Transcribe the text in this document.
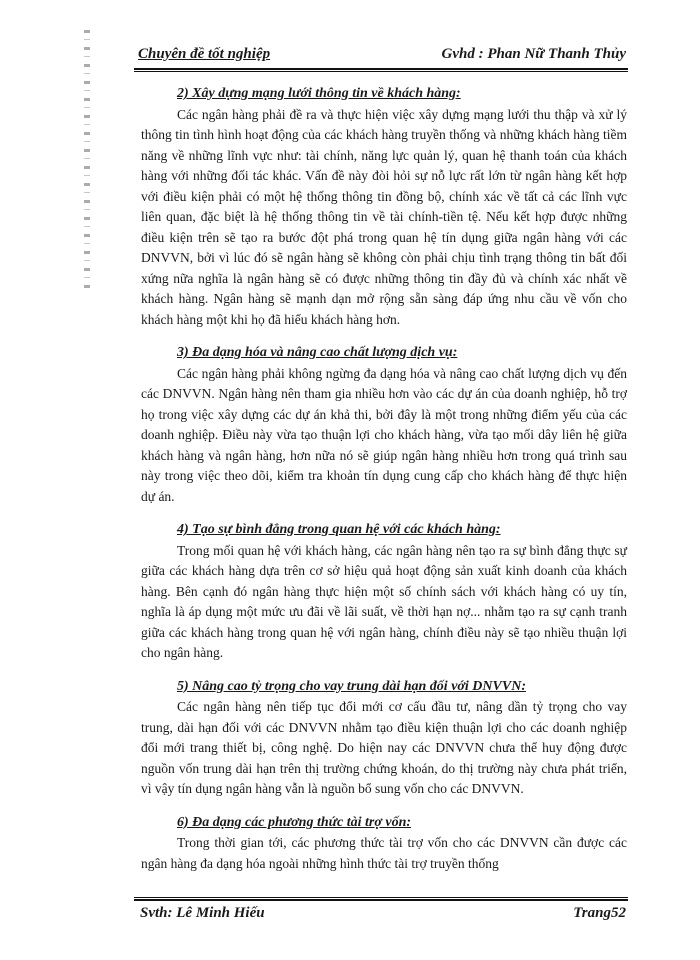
Chuyên đề tốt nghiệp	Gvhd : Phan Nữ Thanh Thủy
2) Xây dựng mạng lưới thông tin về khách hàng:

Các ngân hàng phải đề ra và thực hiện việc xây dựng mạng lưới thu thập và xử lý thông tin tình hình hoạt động của các khách hàng truyền thống và những khách hàng tiềm năng về những lĩnh vực như: tài chính, năng lực quản lý, quan hệ thanh toán của khách hàng với những đối tác khác. Vấn đề này đòi hỏi sự nỗ lực rất lớn từ ngân hàng kết hợp với điều kiện phải có một hệ thống thông tin đồng bộ, chính xác về tất cả các lĩnh vực liên quan, đặc biệt là hệ thống thông tin về tài chính-tiền tệ. Nếu kết hợp được những điều kiện trên sẽ tạo ra bước đột phá trong quan hệ tín dụng giữa ngân hàng với các DNVVN, bởi vì lúc đó sẽ ngân hàng sẽ không còn phải chịu tình trạng thông tin bất đối xứng nữa nghĩa là ngân hàng sẽ có được những thông tin đầy đủ và chính xác nhất về khách hàng. Ngân hàng sẽ mạnh dạn mở rộng sẵn sàng đáp ứng nhu cầu về vốn cho khách hàng một khi họ đã hiểu khách hàng hơn.

3) Đa dạng hóa và nâng cao chất lượng dịch vụ:

Các ngân hàng phải không ngừng đa dạng hóa và nâng cao chất lượng dịch vụ đến các DNVVN. Ngân hàng nên tham gia nhiều hơn vào các dự án của doanh nghiệp, hỗ trợ họ trong việc xây dựng các dự án khả thi, bởi đây là một trong những điểm yếu của các doanh nghiệp. Điều này vừa tạo thuận lợi cho khách hàng, vừa tạo mối dây liên hệ giữa khách hàng và ngân hàng, hơn nữa nó sẽ giúp ngân hàng nhiều hơn trong quá trình sau này trong việc theo dõi, kiểm tra khoản tín dụng cung cấp cho khách hàng để thực hiện dự án.

4) Tạo sự bình đẳng trong quan hệ với các khách hàng:

Trong mối quan hệ với khách hàng, các ngân hàng nên tạo ra sự bình đẳng thực sự giữa các khách hàng dựa trên cơ sở hiệu quả hoạt động sản xuất kinh doanh của khách hàng. Bên cạnh đó ngân hàng thực hiện một số chính sách với khách hàng có uy tín, nghĩa là áp dụng một mức ưu đãi về lãi suất, về thời hạn nợ... nhằm tạo ra sự cạnh tranh giữa các khách hàng trong quan hệ với ngân hàng, chính điều này sẽ tạo nhiều thuận lợi cho ngân hàng.

5) Nâng cao tỷ trọng cho vay trung dài hạn đối với DNVVN:

Các ngân hàng nên tiếp tục đổi mới cơ cấu đầu tư, nâng dần tỷ trọng cho vay trung, dài hạn đối với các DNVVN nhằm tạo điều kiện thuận lợi cho các doanh nghiệp đổi mới trang thiết bị, công nghệ. Do hiện nay các DNVVN chưa thể huy động được nguồn vốn trung dài hạn trên thị trường chứng khoán, do thị trường này chưa phát triển, vì vậy tín dụng ngân hàng vẫn là nguồn bổ sung vốn cho các DNVVN.

6) Đa dạng các phương thức tài trợ vốn:

Trong thời gian tới, các phương thức tài trợ vốn cho các DNVVN cần được các ngân hàng đa dạng hóa ngoài những hình thức tài trợ truyền thống

Svth: Lê Minh Hiếu	Trang52
